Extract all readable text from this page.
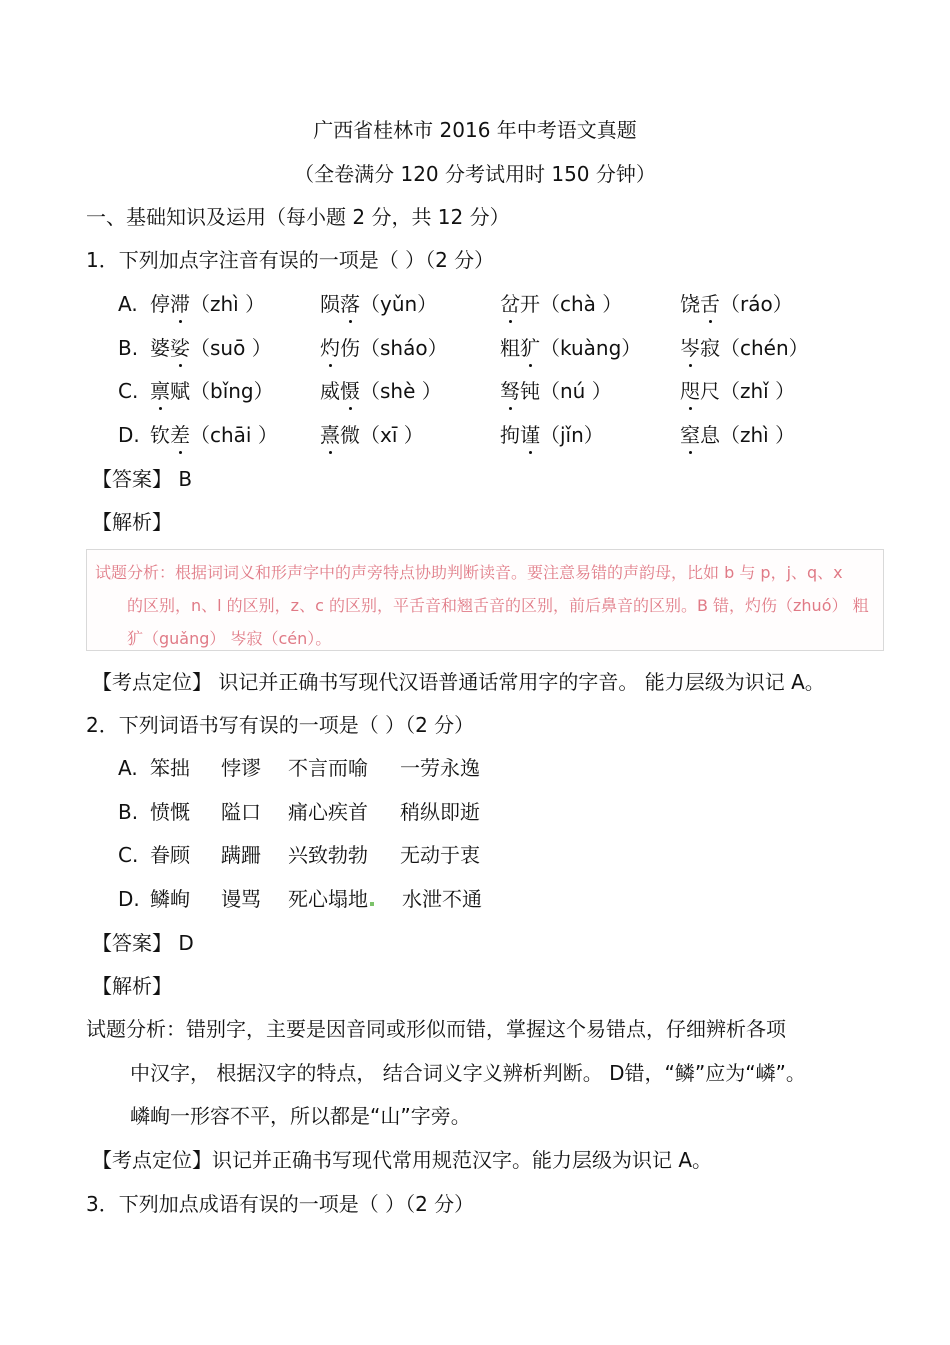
广西省桂林市 2016 年中考语文真题
（全卷满分 120 分考试用时 150 分钟）
一、基础知识及运用（每小题 2 分，共 12 分）
1．下列加点字注音有误的一项是（ ）（2 分）
A. 停滞（zhì ）	陨落（yǔn）	岔开（chà ）	饶舌（ráo）
B. 婆娑（suō ） 灼伤（sháo）	粗犷（kuàng） 岑寂（chén）
C. 禀赋（bǐng） 威慑（shè ）	驽钝（nú ）	咫尺（zhǐ ）
D. 钦差（chāi ） 熹微（xī ）	拘谨（jǐn）	窒息（zhì ）
【答案】 B
【解析】
试题分析：根据词词义和形声字中的声旁特点协助判断读音。要注意易错的声韵母，比如 b 与 p，j、q、x
的区别，n、l 的区别，z、c 的区别，平舌音和翘舌音的区别，前后鼻音的区别。B 错，灼伤（zhuó） 粗
犷（guǎng） 岑寂（cén）。
【考点定位】 识记并正确书写现代汉语普通话常用字的字音。 能力层级为识记 A。
2．下列词语书写有误的一项是（ ）（2 分）
A. 笨拙 悖谬 不言而喻 一劳永逸
B. 愤慨 隘口 痛心疾首 稍纵即逝
C. 眷顾 蹒跚 兴致勃勃 无动于衷
D. 鳞峋 谩骂 死心塌地	水泄不通
【答案】 D
【解析】
试题分析：错别字，主要是因音同或形似而错，掌握这个易错点，仔细辨析各项
中汉字， 根据汉字的特点， 结合词义字义辨析判断。 D错，“鳞”应为“嶙”。
嶙峋一形容不平，所以都是“山”字旁。
【考点定位】识记并正确书写现代常用规范汉字。能力层级为识记 A。
3．下列加点成语有误的一项是（ ）（2 分）
